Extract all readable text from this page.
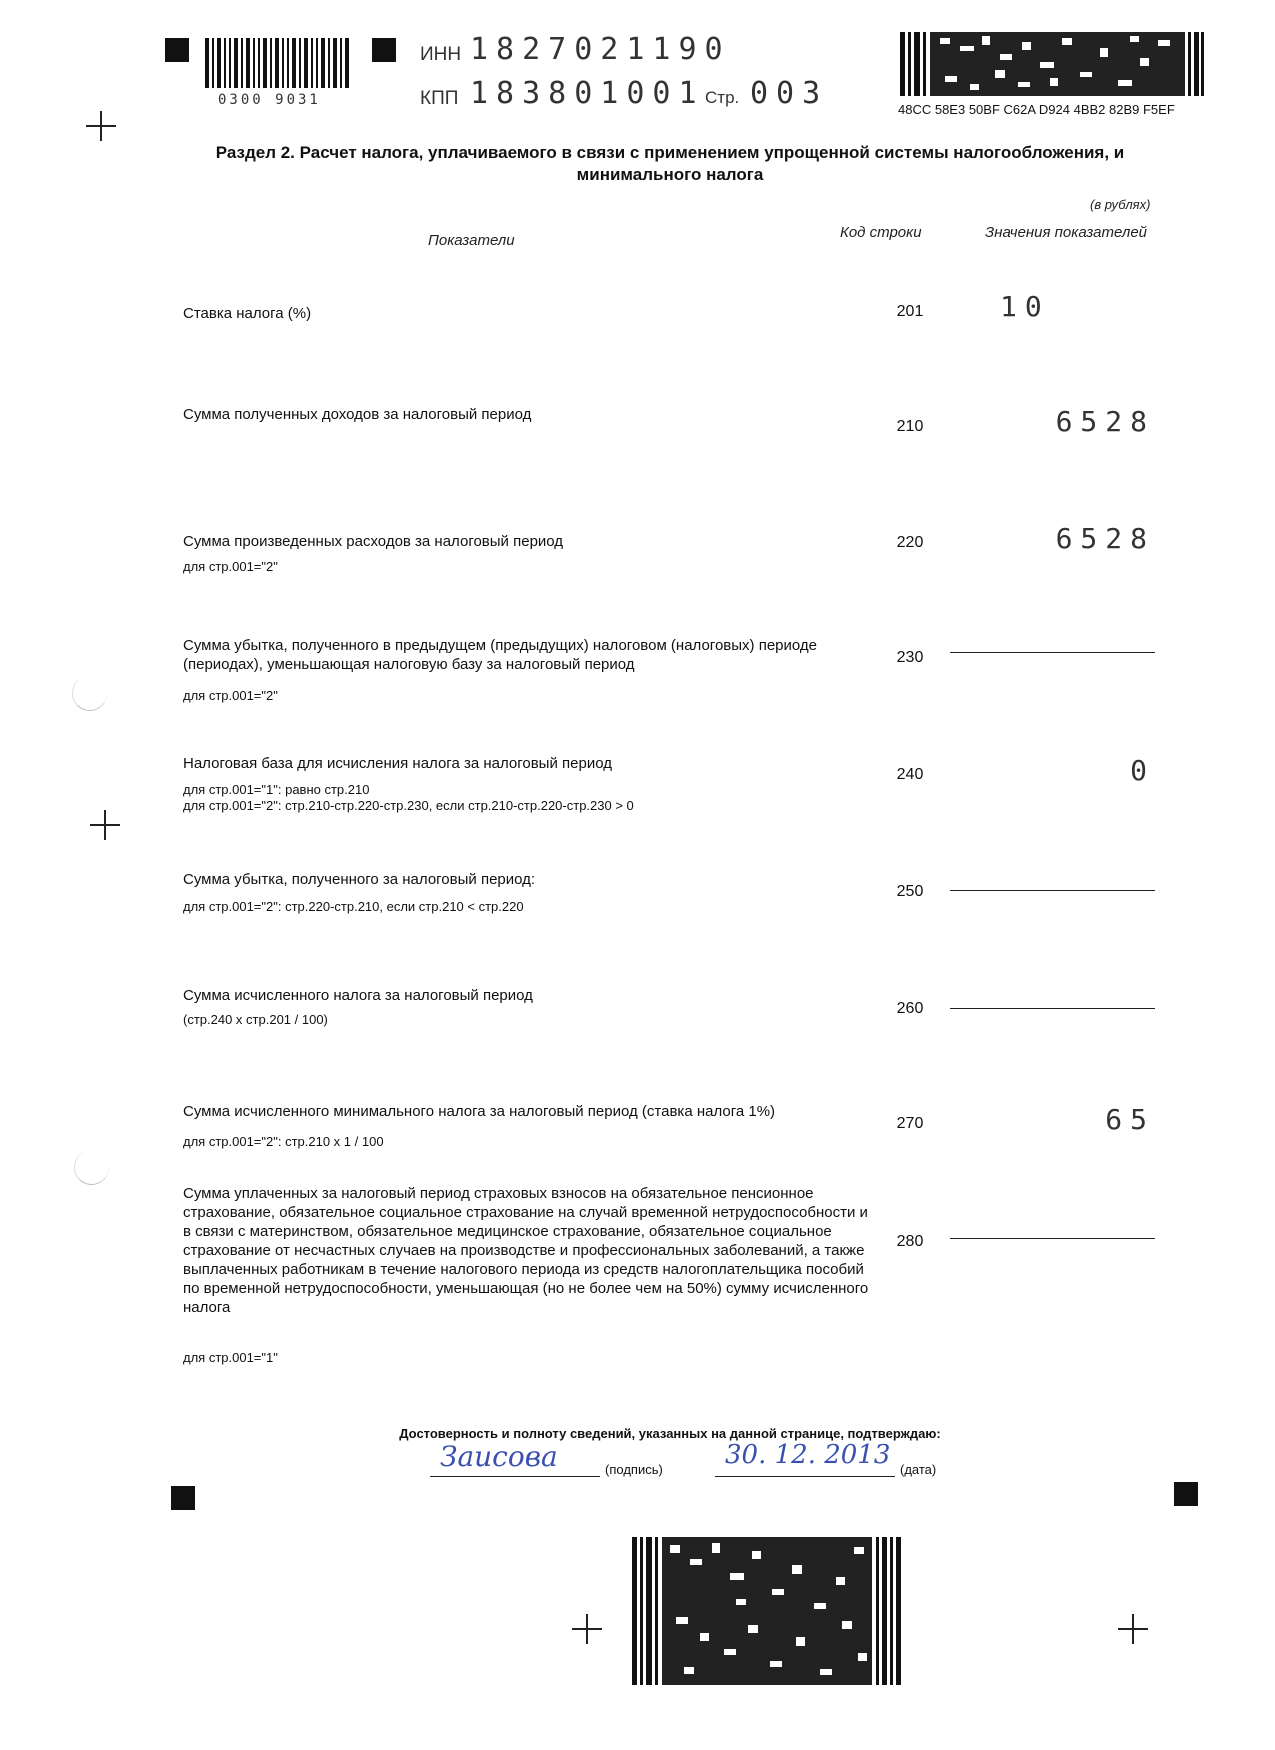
0300 9031
ИНН 1827021190
КПП 183801001 Стр. 003	48CC 58E3 50BF C62A D924 4BB2 82B9 F5EF
Раздел 2. Расчет налога, уплачиваемого в связи с применением упрощенной системы налогообложения, и минимального налога
(в рублях)
Показатели	Код строки	Значения показателей
Ставка налога (%)	201	10
Сумма полученных доходов за налоговый период
210	6528
Сумма произведенных расходов за налоговый период
для стр.001="2"
220	6528
Сумма убытка, полученного в предыдущем (предыдущих) налоговом (налоговых) периоде (периодах), уменьшающая налоговую базу за налоговый период
для стр.001="2"
230
Налоговая база для исчисления налога за налоговый период
для стр.001="1": равно стр.210
для стр.001="2": стр.210-стр.220-стр.230, если стр.210-стр.220-стр.230 > 0
240	0
Сумма убытка, полученного за налоговый период:
для стр.001="2": стр.220-стр.210, если стр.210 < стр.220
250
Сумма исчисленного налога за налоговый период
(стр.240 х стр.201 / 100)
260
Сумма исчисленного минимального налога за налоговый период (ставка налога 1%)
для стр.001="2": стр.210 х 1 / 100
270	65
Сумма уплаченных за налоговый период страховых взносов на обязательное пенсионное страхование, обязательное социальное страхование на случай временной нетрудоспособности и в связи с материнством, обязательное медицинское страхование, обязательное социальное страхование от несчастных случаев на производстве и профессиональных заболеваний, а также выплаченных работникам в течение налогового периода из средств налогоплательщика пособий по временной нетрудоспособности, уменьшающая (но не более чем на 50%) сумму исчисленного налога
для стр.001="1"
280
Достоверность и полноту сведений, указанных на данной странице, подтверждаю:
Заисова	(подпись) 30. 12. 2013 (дата)
